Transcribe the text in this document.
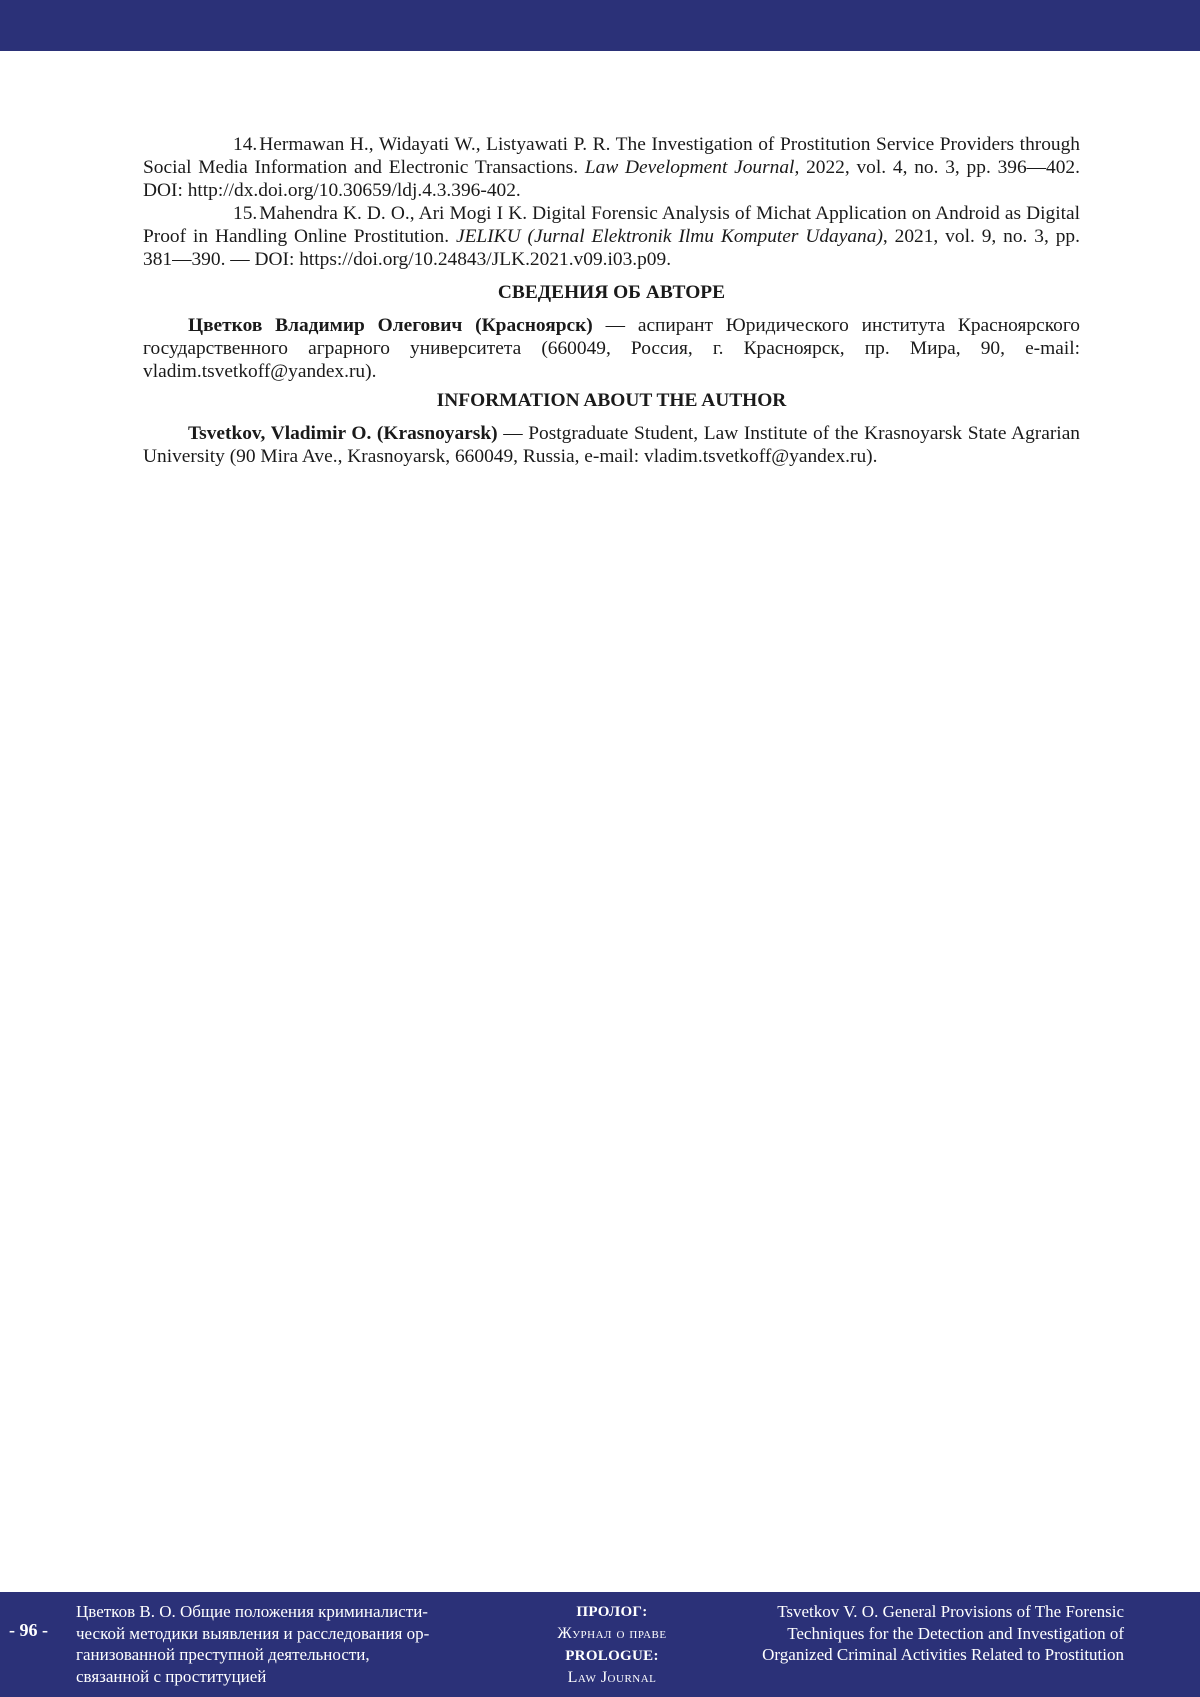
14. Hermawan H., Widayati W., Listyawati P. R. The Investigation of Prostitution Service Providers through Social Media Information and Electronic Transactions. Law Development Journal, 2022, vol. 4, no. 3, pp. 396—402. DOI: http://dx.doi.org/10.30659/ldj.4.3.396-402.

15. Mahendra K. D. O., Ari Mogi I K. Digital Forensic Analysis of Michat Application on Android as Digital Proof in Handling Online Prostitution. JELIKU (Jurnal Elektronik Ilmu Komputer Udayana), 2021, vol. 9, no. 3, pp. 381—390. — DOI: https://doi.org/10.24843/JLK.2021.v09.i03.p09.

СВЕДЕНИЯ ОБ АВТОРЕ

Цветков Владимир Олегович (Красноярск) — аспирант Юридического института Красноярского государственного аграрного университета (660049, Россия, г. Красноярск, пр. Мира, 90, e-mail: vladim.tsvetkoff@yandex.ru).

INFORMATION ABOUT THE AUTHOR

Tsvetkov, Vladimir O. (Krasnoyarsk) — Postgraduate Student, Law Institute of the Krasnoyarsk State Agrarian University (90 Mira Ave., Krasnoyarsk, 660049, Russia, e-mail: vladim.tsvetkoff@yandex.ru).

- 96 -
Цветков В. О. Общие положения криминалисти-
ческой методики выявления и расследования ор-
ганизованной преступной деятельности,
связанной с проституцией
ПРОЛОГ:
Журнал о праве
PROLOGUE:
Law Journal
Tsvetkov V. O. General Provisions of The Forensic
Techniques for the Detection and Investigation of
Organized Criminal Activities Related to Prostitution
